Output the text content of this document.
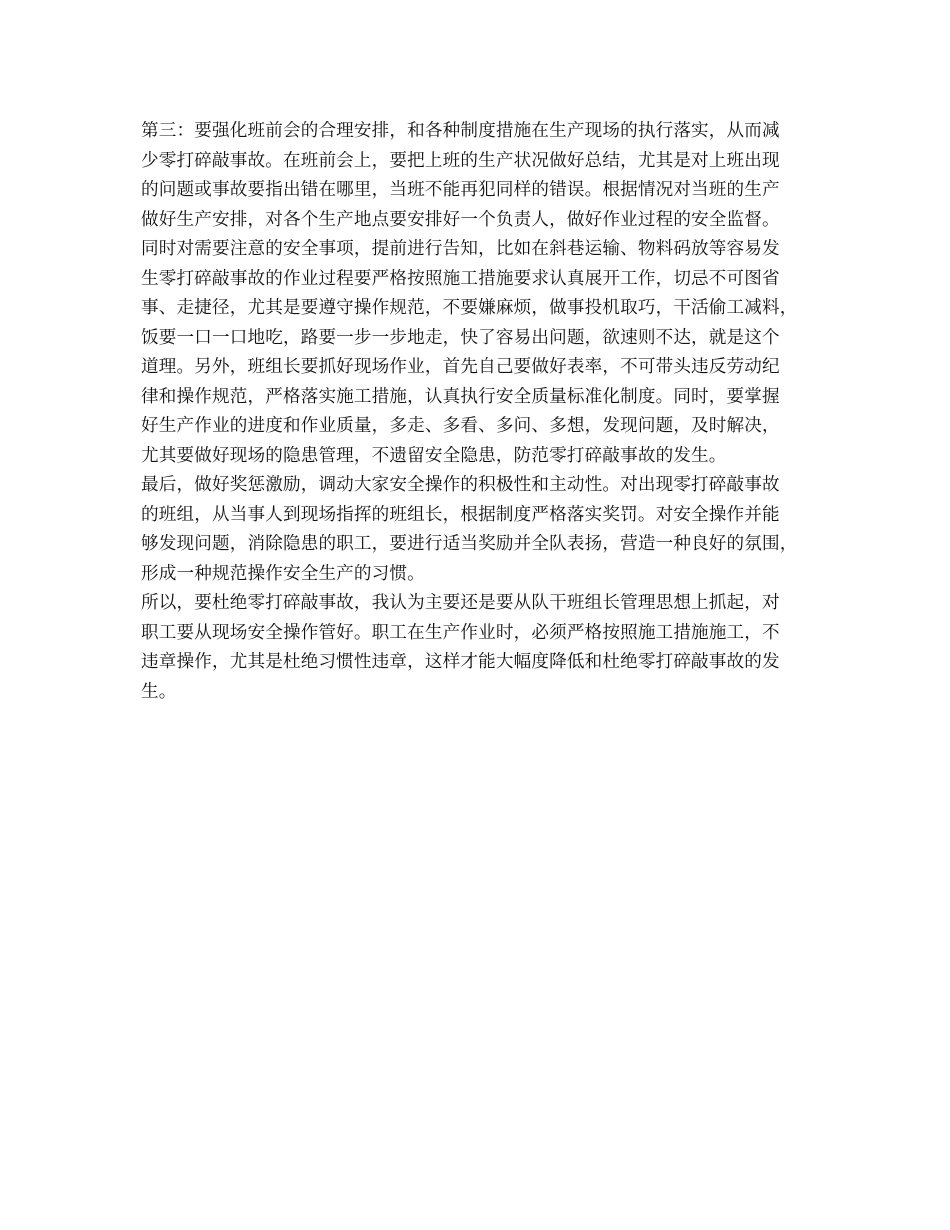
第三：要强化班前会的合理安排，和各种制度措施在生产现场的执行落实，从而减
少零打碎敲事故。在班前会上，要把上班的生产状况做好总结，尤其是对上班出现
的问题或事故要指出错在哪里，当班不能再犯同样的错误。根据情况对当班的生产
做好生产安排，对各个生产地点要安排好一个负责人，做好作业过程的安全监督。
同时对需要注意的安全事项，提前进行告知，比如在斜巷运输、物料码放等容易发
生零打碎敲事故的作业过程要严格按照施工措施要求认真展开工作，切忌不可图省
事、走捷径，尤其是要遵守操作规范，不要嫌麻烦，做事投机取巧，干活偷工减料，
饭要一口一口地吃，路要一步一步地走，快了容易出问题，欲速则不达，就是这个
道理。另外，班组长要抓好现场作业，首先自己要做好表率，不可带头违反劳动纪
律和操作规范，严格落实施工措施，认真执行安全质量标准化制度。同时，要掌握
好生产作业的进度和作业质量，多走、多看、多问、多想，发现问题，及时解决，
尤其要做好现场的隐患管理，不遗留安全隐患，防范零打碎敲事故的发生。

最后，做好奖惩激励，调动大家安全操作的积极性和主动性。对出现零打碎敲事故
的班组，从当事人到现场指挥的班组长，根据制度严格落实奖罚。对安全操作并能
够发现问题，消除隐患的职工，要进行适当奖励并全队表扬，营造一种良好的氛围，
形成一种规范操作安全生产的习惯。

所以，要杜绝零打碎敲事故，我认为主要还是要从队干班组长管理思想上抓起，对
职工要从现场安全操作管好。职工在生产作业时，必须严格按照施工措施施工，不
违章操作，尤其是杜绝习惯性违章，这样才能大幅度降低和杜绝零打碎敲事故的发
生。
